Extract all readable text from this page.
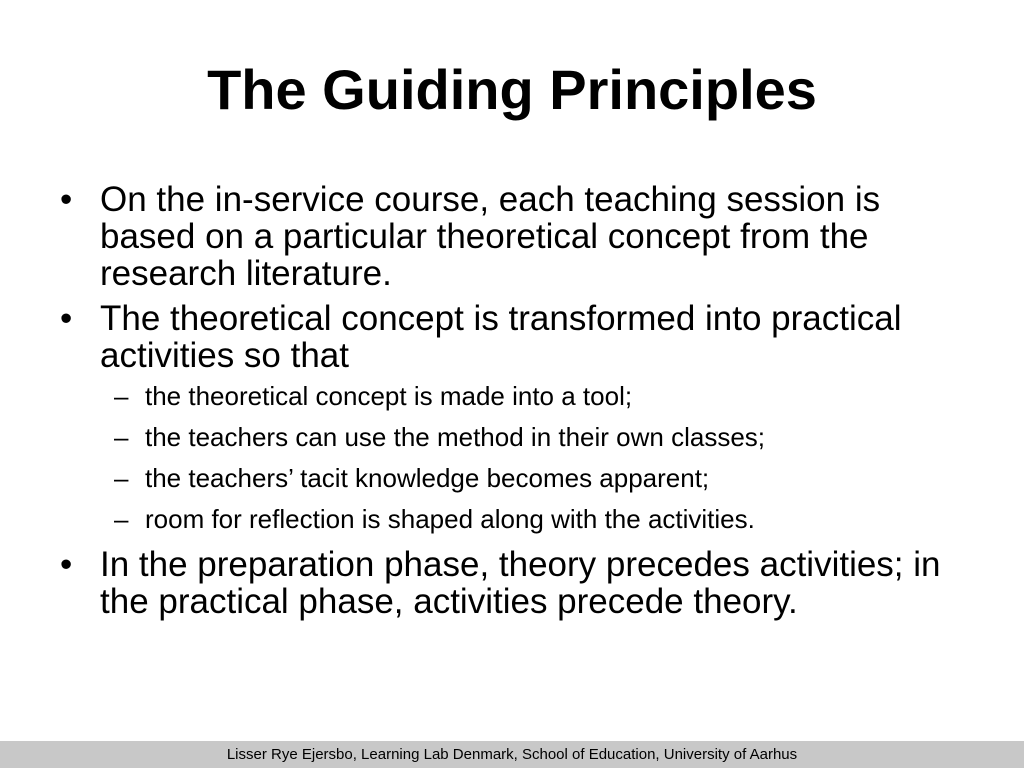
The Guiding Principles
• On the in-service course, each teaching session is based on a particular theoretical concept from the research literature.
• The theoretical concept is transformed into practical activities so that
– the theoretical concept is made into a tool;
– the teachers can use the method in their own classes;
– the teachers’ tacit knowledge becomes apparent;
– room for reflection is shaped along with the activities.
• In the preparation phase, theory precedes activities; in the practical phase, activities precede theory.
Lisser Rye Ejersbo, Learning Lab Denmark, School of Education, University of Aarhus
